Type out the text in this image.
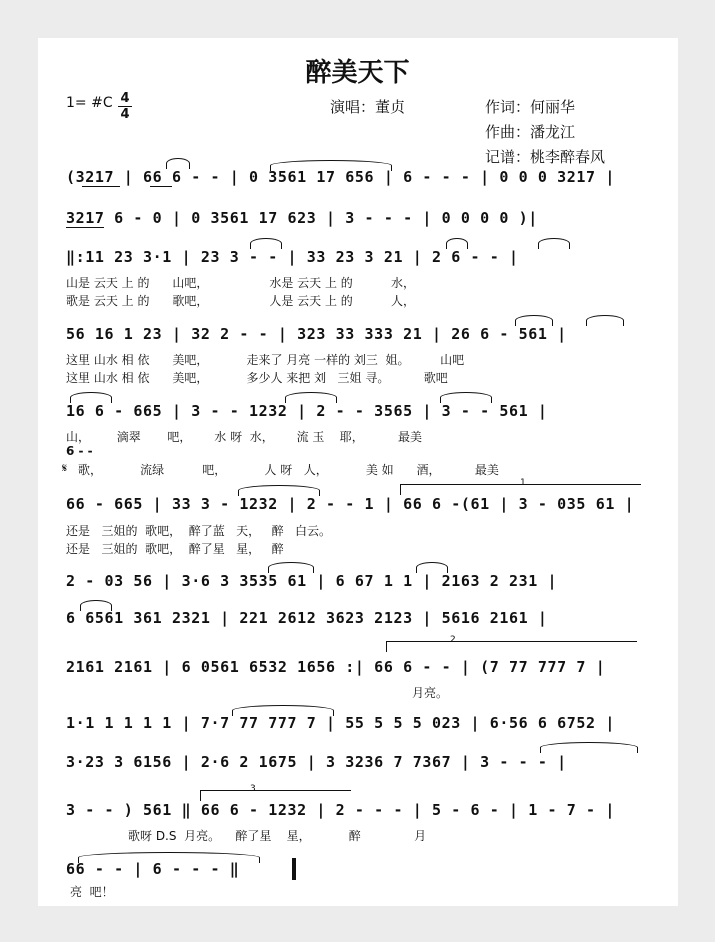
醉美天下
1= #C 4
4	演唱：董贞	作词：何丽华
作曲：潘龙江
记谱：桃李醉春风
(3217 | 66 6 - - | 0 3561 17 656 | 6 - - - | 0 0 0 3217 |
3217 6 - 0 | 0 3561 17 623 | 3 - - - | 0 0 0 0 )|
‖:11 23 3·1 | 23 3 - - | 33 23 3 21 | 2 6 - - |
山是 云天 上 的      山吧，                水是 云天 上 的          水，
歌是 云天 上 的      歌吧，                人是 云天 上 的          人，
56 16 1 23 | 32 2 - - | 323 33 333 21 | 26 6 - 561 |
这里 山水 相 依      美吧，          走来了 月亮 一样的 刘三  姐。        山吧
这里 山水 相 依      美吧，          多少人 来把 刘   三姐 寻。         歌吧
16 6 - 665 | 3 - - 1232 | 2 - - 3565 | 3 - - 561 |
山，       滴翠       吧，      水 呀  水，      流 玉    耶，         最美
6 - -
𝄋 歌，          流绿          吧，          人 呀   人，          美 如      酒，         最美
66 - 665 | 33 3 - 1232 | 2 - - 1 | 66 6 -(61 | 3 - 035 61 |
还是   三姐的  歌吧，  醉了蓝   天，   醉   白云。
还是   三姐的  歌吧，  醉了星   星，   醉
2 - 03 56 | 3·6 3 3535 61 | 6 67 1 1 | 2163 2 231 |
6 6561 361 2321 | 221 2612 3623 2123 | 5616 2161 |
2161 2161 | 6 0561 6532 1656 :| 66 6 - - | (7 77 777 7 |
月亮。
1·1 1 1 1 1 | 7·7 77 777 7 | 55 5 5 5 023 | 6·56 6 6752 |
3·23 3 6156 | 2·6 2 1675 | 3 3236 7 7367 | 3 - - - |
3 - - ) 561 ‖ 66 6 - 1232 | 2 - - - | 5 - 6 - | 1 - 7 - |
歌呀 D.S  月亮。    醉了星    星，          醉              月
66 - - | 6 - - - ‖
亮  吧！
1
2
3
